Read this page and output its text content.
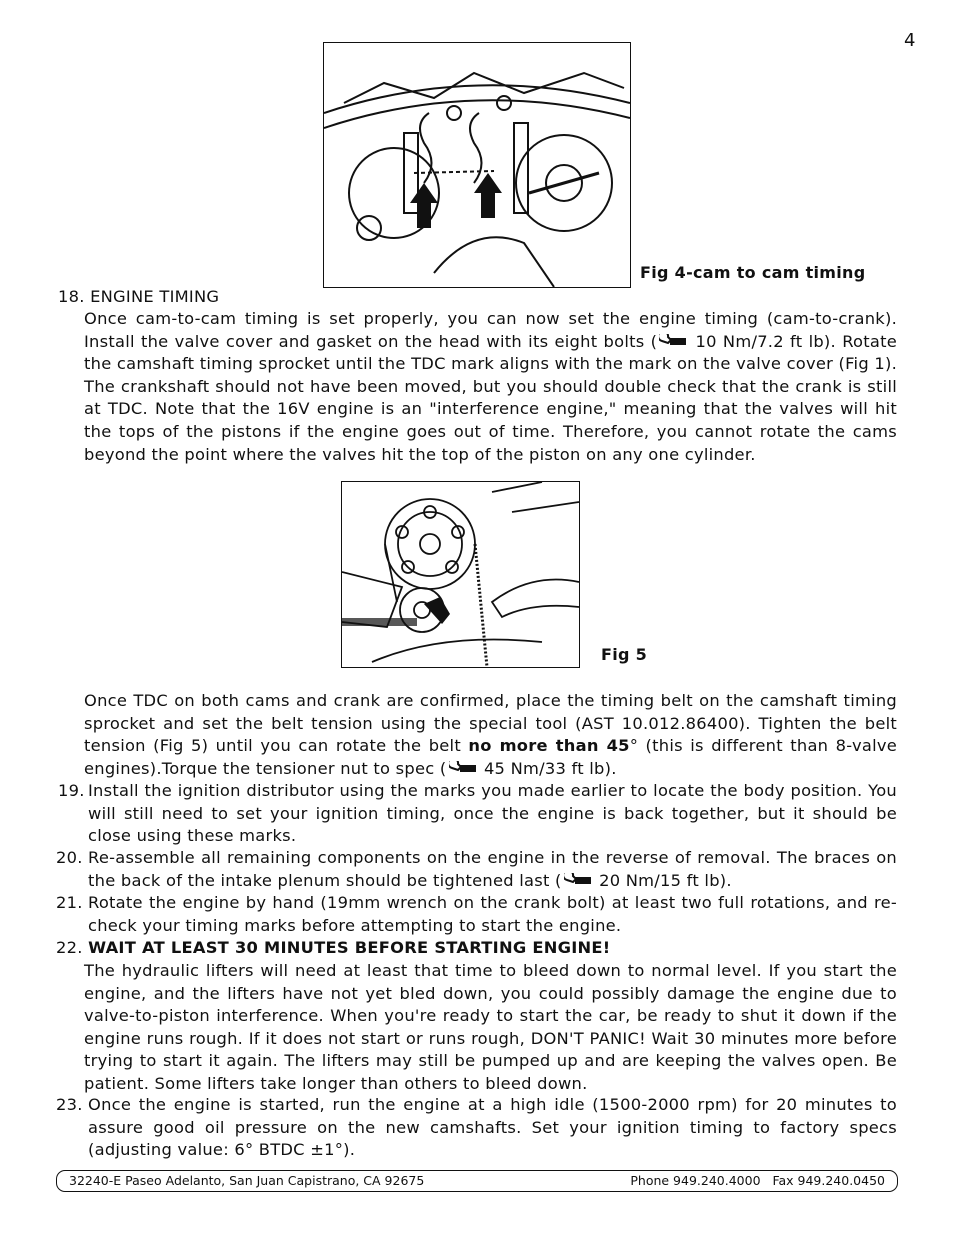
4
Fig 4-cam to cam timing
18. ENGINE TIMING
Once cam-to-cam timing is set properly, you can now set the engine timing (cam-to-crank). Install the valve cover and gasket on the head with its eight bolts ( 10 Nm/7.2 ft lb). Rotate the camshaft timing sprocket until the TDC mark aligns with the mark on the valve cover (Fig 1). The crankshaft should not have been moved, but you should double check that the crank is still at TDC. Note that the 16V engine is an "interference engine," meaning that the valves will hit the tops of the pistons if the engine goes out of time. Therefore, you cannot rotate the cams beyond the point where the valves hit the top of the piston on any one cylinder.
Fig 5
Once TDC on both cams and crank are confirmed, place the timing belt on the camshaft timing sprocket and set the belt tension using the special tool (AST 10.012.86400). Tighten the belt tension (Fig 5) until you can rotate the belt no more than 45° (this is different than 8-valve engines).Torque the tensioner nut to spec ( 45 Nm/33 ft lb).
19. Install the ignition distributor using the marks you made earlier to locate the body position. You will still need to set your ignition timing, once the engine is back together, but it should be close using these marks.
20. Re-assemble all remaining components on the engine in the reverse of removal. The braces on the back of the intake plenum should be tightened last ( 20 Nm/15 ft lb).
21. Rotate the engine by hand (19mm wrench on the crank bolt) at least two full rotations, and re-check your timing marks before attempting to start the engine.
22. WAIT AT LEAST 30 MINUTES BEFORE STARTING ENGINE!
The hydraulic lifters will need at least that time to bleed down to normal level. If you start the engine, and the lifters have not yet bled down, you could possibly damage the engine due to valve-to-piston interference. When you're ready to start the car, be ready to shut it down if the engine runs rough. If it does not start or runs rough, DON'T PANIC! Wait 30 minutes more before trying to start it again. The lifters may still be pumped up and are keeping the valves open. Be patient. Some lifters take longer than others to bleed down.
23. Once the engine is started, run the engine at a high idle (1500-2000 rpm) for 20 minutes to assure good oil pressure on the new camshafts. Set your ignition timing to factory specs (adjusting value: 6° BTDC ±1°).
32240-E Paseo Adelanto, San Juan Capistrano, CA 92675	Phone 949.240.4000   Fax 949.240.0450
